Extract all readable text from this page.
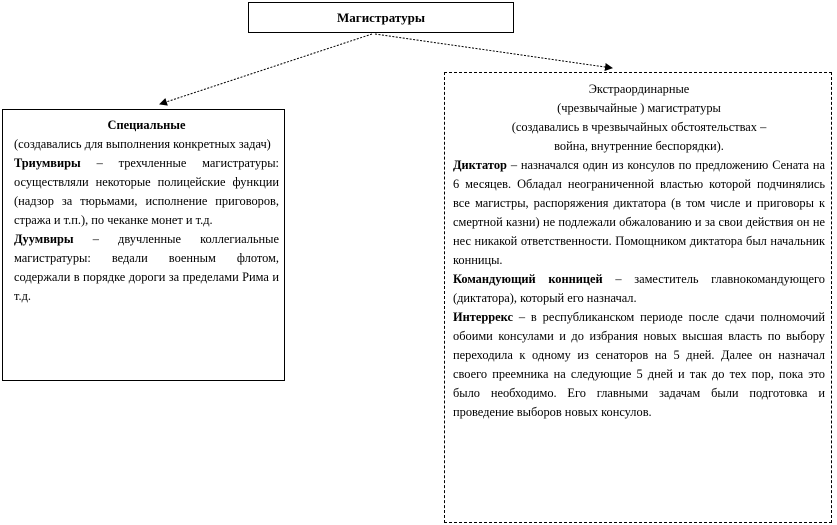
Магистратуры
Специальные
(создавались для выполнения конкретных задач)
Триумвиры – трехчленные магистратуры: осуществляли некоторые полицейские функции (надзор за тюрьмами, исполнение приговоров, стража и т.п.), по чеканке монет и т.д.
Дуумвиры – двучленные коллегиальные магистратуры: ведали военным флотом, содержали в порядке дороги за пределами Рима и т.д.
Экстраординарные
(чрезвычайные ) магистратуры
(создавались в чрезвычайных обстоятельствах –
война, внутренние беспорядки).
Диктатор – назначался один из консулов по предложению Сената на 6 месяцев. Обладал неограниченной властью которой подчинялись все магистры, распоряжения диктатора (в том числе и приговоры к смертной казни) не подлежали обжалованию и за свои действия он не нес никакой ответственности. Помощником диктатора был начальник конницы.
Командующий конницей – заместитель главнокомандующего (диктатора), который его назначал.
Интеррекс – в республиканском периоде после сдачи полномочий обоими консулами и до избрания новых высшая власть по выбору переходила к одному из сенаторов на 5 дней. Далее он назначал своего преемника на следующие 5 дней и так до тех пор, пока это было необходимо. Его главными задачам были подготовка и проведение выборов новых консулов.
